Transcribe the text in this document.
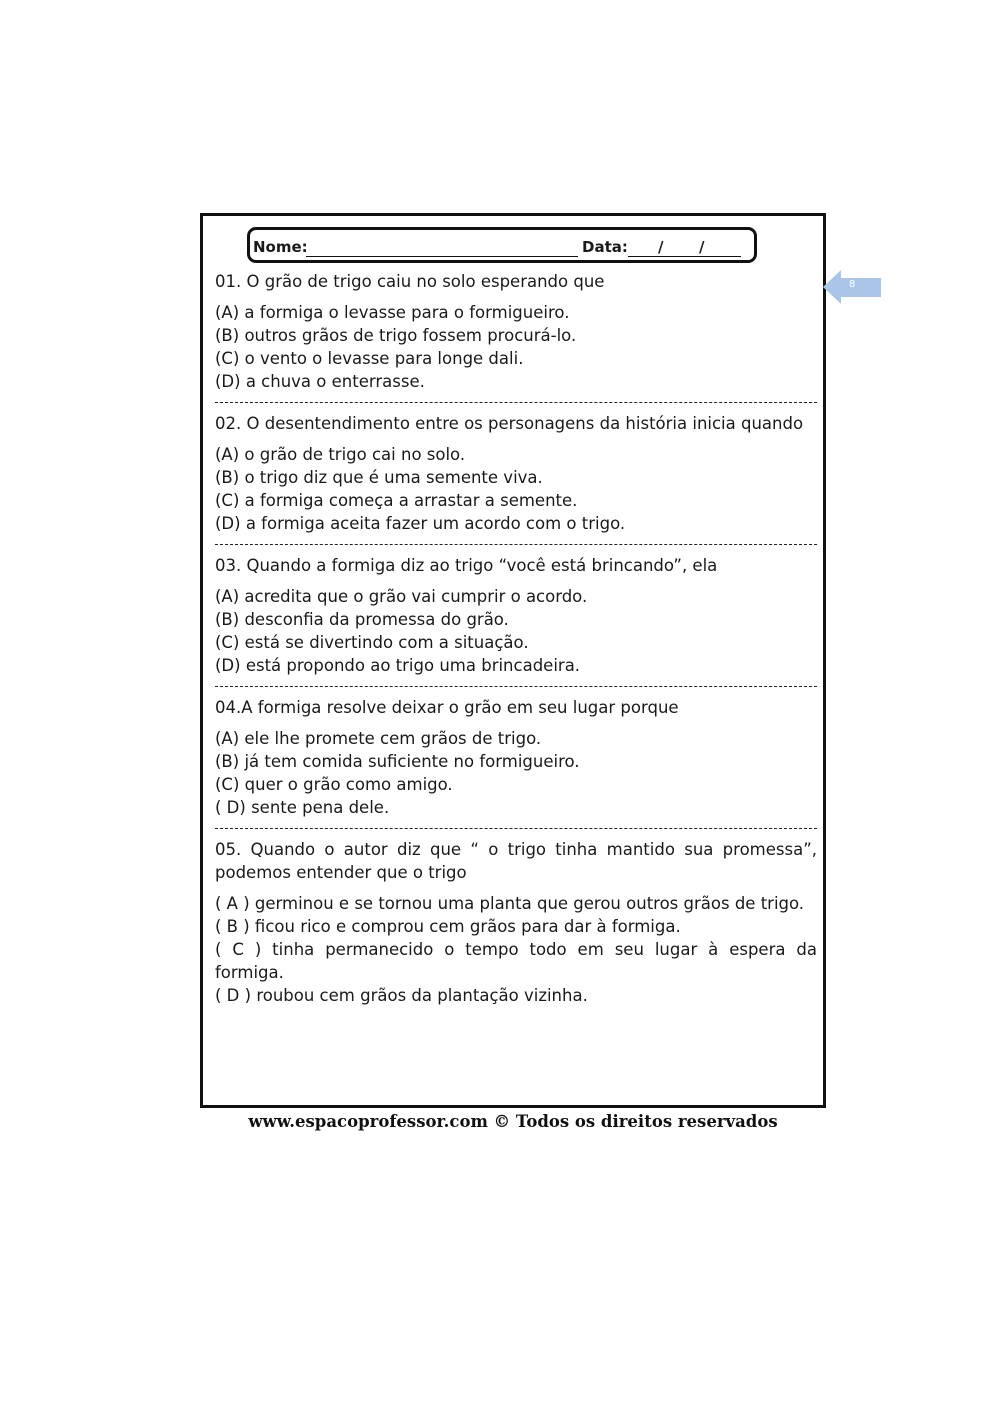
Nome:	Data: / /

01. O grão de trigo caiu no solo esperando que

(A) a formiga o levasse para o formigueiro.

(B) outros grãos de trigo fossem procurá-lo.

(C) o vento o levasse para longe dali.

(D) a chuva o enterrasse.

02. O desentendimento entre os personagens da história inicia quando

(A) o grão de trigo cai no solo.

(B) o trigo diz que é uma semente viva.

(C) a formiga começa a arrastar a semente.

(D) a formiga aceita fazer um acordo com o trigo.

03. Quando a formiga diz ao trigo “você está brincando”, ela

(A) acredita que o grão vai cumprir o acordo.

(B) desconfia da promessa do grão.

(C) está se divertindo com a situação.

(D) está propondo ao trigo uma brincadeira.

04.A formiga resolve deixar o grão em seu lugar porque

(A) ele lhe promete cem grãos de trigo.

(B) já tem comida suficiente no formigueiro.

(C) quer o grão como amigo.

( D) sente pena dele.

05. Quando o autor diz que “ o trigo tinha mantido sua promessa”, podemos entender que o trigo

( A ) germinou e se tornou uma planta que gerou outros grãos de trigo.

( B ) ficou rico e comprou cem grãos para dar à formiga.

( C ) tinha permanecido o tempo todo em seu lugar à espera da formiga.

( D ) roubou cem grãos da plantação vizinha.

8
www.espacoprofessor.com © Todos os direitos reservados
